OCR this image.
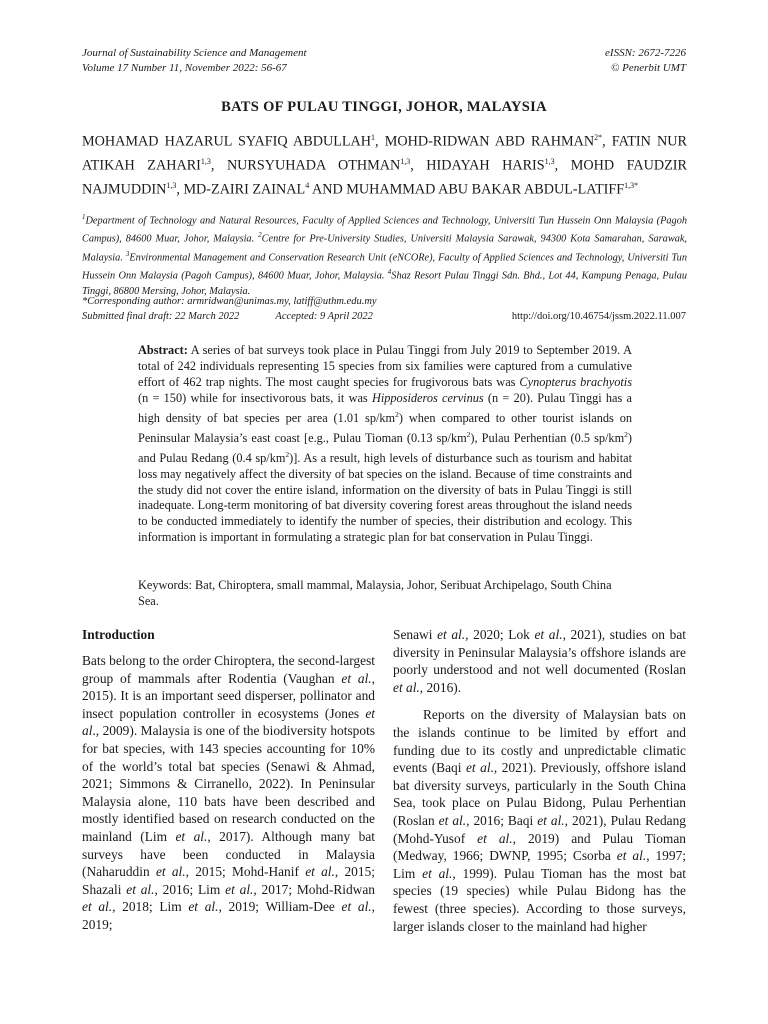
Journal of Sustainability Science and Management
Volume 17 Number 11, November 2022: 56-67
eISSN: 2672-7226
© Penerbit UMT
BATS OF PULAU TINGGI, JOHOR, MALAYSIA
MOHAMAD HAZARUL SYAFIQ ABDULLAH$^1$, MOHD-RIDWAN ABD $RAHMAN^{2*}$, FATIN NUR ATIKAH ZAHARI$^{1,3}$, NURSYUHADA OTHMAN$^{1,3}$, HIDAYAH HARIS$^{1,3}$, MOHD FAUDZIR NAJMUDDIN$^{1,3}$, MD-ZAIRI ZAINAL$^4$ AND MUHAMMAD ABU BAKAR ABDUL-$LATIFF^{1,3*}$
$^1$Department of Technology and Natural Resources, Faculty of Applied Sciences and Technology, Universiti Tun Hussein Onn Malaysia (Pagoh Campus), 84600 Muar, Johor, Malaysia. $^2$Centre for Pre-University Studies, Universiti Malaysia Sarawak, 94300 Kota Samarahan, Sarawak, Malaysia. $^3$Environmental Management and Conservation Research Unit (eNCORe), Faculty of Applied Sciences and Technology, Universiti Tun Hussein Onn Malaysia (Pagoh Campus), 84600 Muar, Johor, Malaysia. $^4$Shaz Resort Pulau Tinggi Sdn. Bhd., Lot 44, Kampung Penaga, Pulau Tinggi, 86800 Mersing, Johor, Malaysia.
*Corresponding author: armridwan@unimas.my, latiff@uthm.edu.my
Submitted final draft: 22 March 2022	Accepted: 9 April 2022	http://doi.org/10.46754/jssm.2022.11.007
Abstract: A series of bat surveys took place in Pulau Tinggi from July 2019 to September 2019. A total of 242 individuals representing 15 species from six families were captured from a cumulative effort of 462 trap nights. The most caught species for frugivorous bats was Cynopterus brachyotis (n = 150) while for insectivorous bats, it was Hipposideros cervinus (n = 20). Pulau Tinggi has a high density of bat species per area (1.01 $sp/km^2$) when compared to other tourist islands on Peninsular Malaysia’s east coast [e.g., Pulau Tioman (0.13 $sp/km^2$), Pulau Perhentian (0.5 $sp/km^2$) and Pulau Redang (0.4 $sp/km^2$)]. As a result, high levels of disturbance such as tourism and habitat loss may negatively affect the diversity of bat species on the island. Because of time constraints and the study did not cover the entire island, information on the diversity of bats in Pulau Tinggi is still inadequate. Long-term monitoring of bat diversity covering forest areas throughout the island needs to be conducted immediately to identify the number of species, their distribution and ecology. This information is important in formulating a strategic plan for bat conservation in Pulau Tinggi.
Keywords: Bat, Chiroptera, small mammal, Malaysia, Johor, Seribuat Archipelago, South China Sea.
Introduction

Bats belong to the order Chiroptera, the second-largest group of mammals after Rodentia (Vaughan et al., 2015). It is an important seed disperser, pollinator and insect population controller in ecosystems (Jones et al., 2009). Malaysia is one of the biodiversity hotspots for bat species, with 143 species accounting for 10% of the world’s total bat species (Senawi & Ahmad, 2021; Simmons & Cirranello, 2022). In Peninsular Malaysia alone, 110 bats have been described and mostly identified based on research conducted on the mainland (Lim et al., 2017). Although many bat surveys have been conducted in Malaysia (Naharuddin et al., 2015; Mohd-Hanif et al., 2015; Shazali et al., 2016; Lim et al., 2017; Mohd-Ridwan et al., 2018; Lim et al., 2019; William-Dee et al., 2019;

Senawi et al., 2020; Lok et al., 2021), studies on bat diversity in Peninsular Malaysia’s offshore islands are poorly understood and not well documented (Roslan et al., 2016).

Reports on the diversity of Malaysian bats on the islands continue to be limited by effort and funding due to its costly and unpredictable climatic events (Baqi et al., 2021). Previously, offshore island bat diversity surveys, particularly in the South China Sea, took place on Pulau Bidong, Pulau Perhentian (Roslan et al., 2016; Baqi et al., 2021), Pulau Redang (Mohd-Yusof et al., 2019) and Pulau Tioman (Medway, 1966; DWNP, 1995; Csorba et al., 1997; Lim et al., 1999). Pulau Tioman has the most bat species (19 species) while Pulau Bidong has the fewest (three species). According to those surveys, larger islands closer to the mainland had higher
